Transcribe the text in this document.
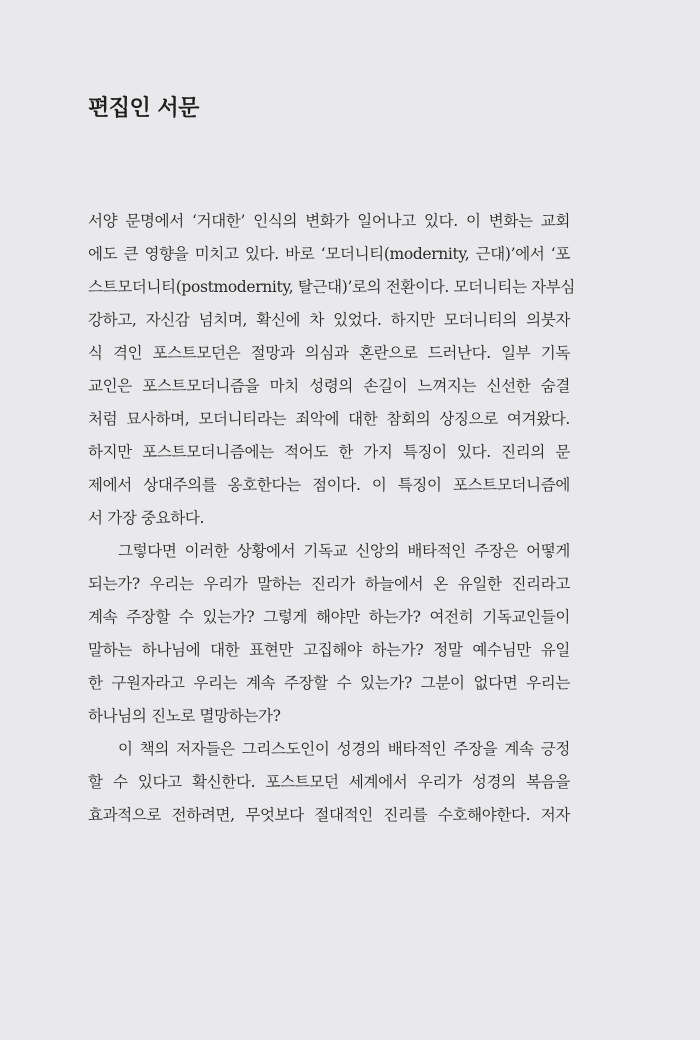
편집인 서문
서양 문명에서 ‘거대한’ 인식의 변화가 일어나고 있다. 이 변화는 교회
에도 큰 영향을 미치고 있다. 바로 ‘모더니티(modernity, 근대)’에서 ‘포
스트모더니티(postmodernity, 탈근대)’로의 전환이다. 모더니티는 자부심
강하고, 자신감 넘치며, 확신에 차 있었다. 하지만 모더니티의 의붓자
식 격인 포스트모던은 절망과 의심과 혼란으로 드러난다. 일부 기독
교인은 포스트모더니즘을 마치 성령의 손길이 느껴지는 신선한 숨결
처럼 묘사하며, 모더니티라는 죄악에 대한 참회의 상징으로 여겨왔다.
하지만 포스트모더니즘에는 적어도 한 가지 특징이 있다. 진리의 문
제에서 상대주의를 옹호한다는 점이다. 이 특징이 포스트모더니즘에
서 가장 중요하다.
그렇다면 이러한 상황에서 기독교 신앙의 배타적인 주장은 어떻게
되는가? 우리는 우리가 말하는 진리가 하늘에서 온 유일한 진리라고
계속 주장할 수 있는가? 그렇게 해야만 하는가? 여전히 기독교인들이
말하는 하나님에 대한 표현만 고집해야 하는가? 정말 예수님만 유일
한 구원자라고 우리는 계속 주장할 수 있는가? 그분이 없다면 우리는
하나님의 진노로 멸망하는가?
이 책의 저자들은 그리스도인이 성경의 배타적인 주장을 계속 긍정
할 수 있다고 확신한다. 포스트모던 세계에서 우리가 성경의 복음을
효과적으로 전하려면, 무엇보다 절대적인 진리를 수호해야한다. 저자
